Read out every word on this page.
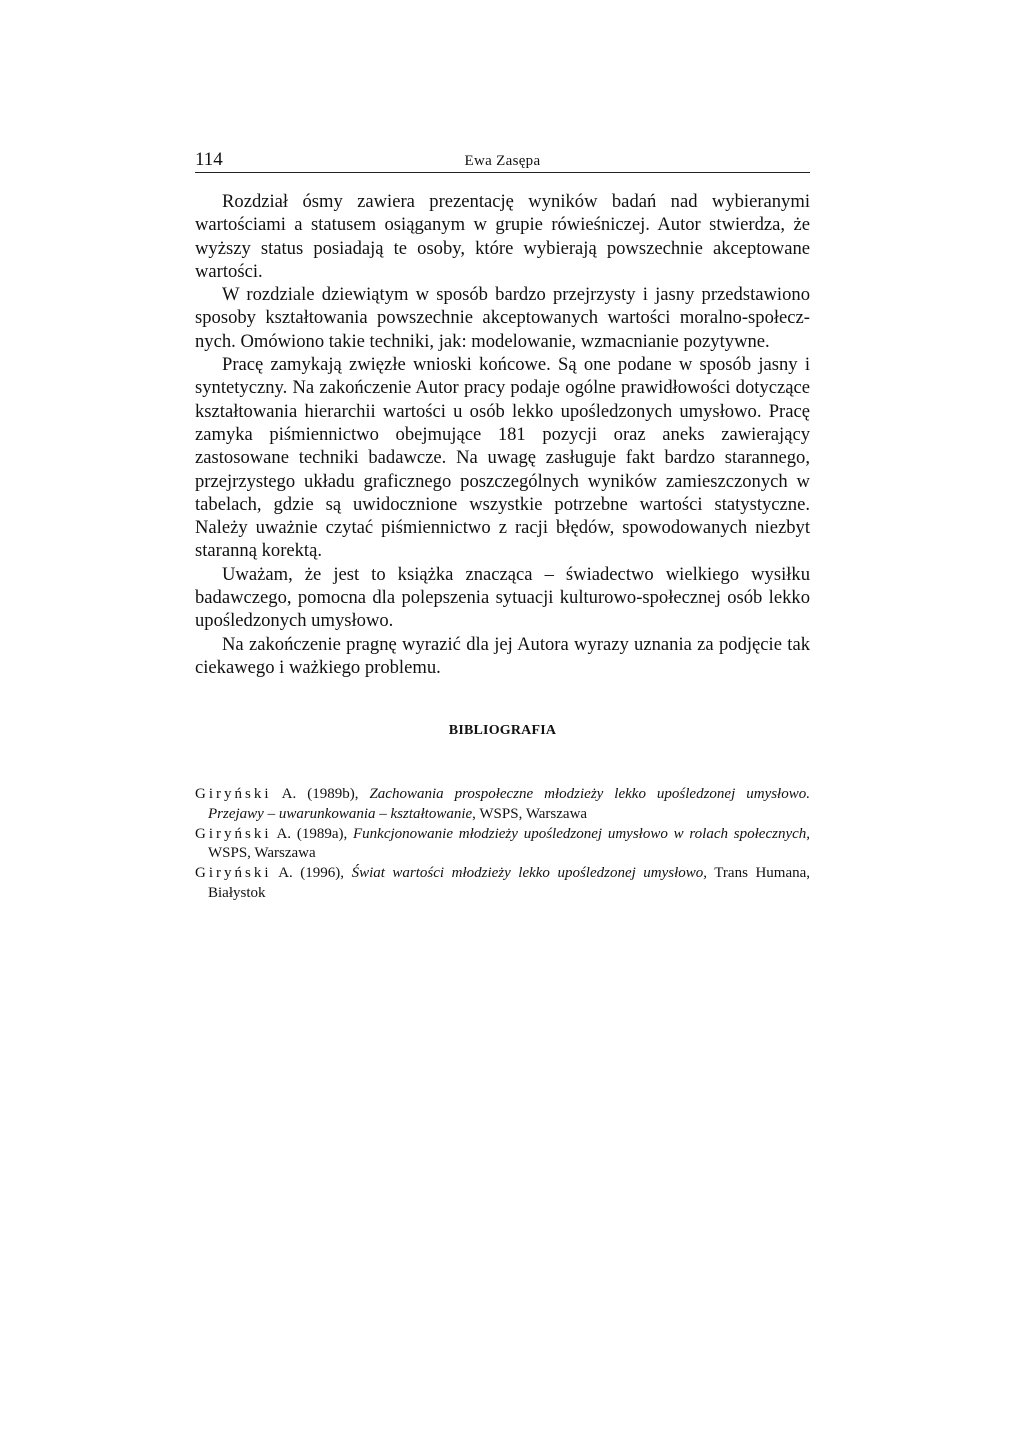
114	Ewa Zasępa

Rozdział ósmy zawiera prezentację wyników badań nad wybieranymi wartościami a statusem osiąganym w grupie rówieśniczej. Autor stwierdza, że wyższy status posiadają te osoby, które wybierają powszechnie akceptowane wartości.

W rozdziale dziewiątym w sposób bardzo przejrzysty i jasny przedstawiono sposoby kształtowania powszechnie akceptowanych wartości moralno-społecznych. Omówiono takie techniki, jak: modelowanie, wzmacnianie pozytywne.

Pracę zamykają zwięzłe wnioski końcowe. Są one podane w sposób jasny i syntetyczny. Na zakończenie Autor pracy podaje ogólne prawidłowości dotyczące kształtowania hierarchii wartości u osób lekko upośledzonych umysłowo. Pracę zamyka piśmiennictwo obejmujące 181 pozycji oraz aneks zawierający zastosowane techniki badawcze. Na uwagę zasługuje fakt bardzo starannego, przejrzystego układu graficznego poszczególnych wyników zamieszczonych w tabelach, gdzie są uwidocznione wszystkie potrzebne wartości statystyczne. Należy uważnie czytać piśmiennictwo z racji błędów, spowodowanych niezbyt staranną korektą.

Uważam, że jest to książka znacząca – świadectwo wielkiego wysiłku badawczego, pomocna dla polepszenia sytuacji kulturowo-społecznej osób lekko upośledzonych umysłowo.

Na zakończenie pragnę wyrazić dla jej Autora wyrazy uznania za podjęcie tak ciekawego i ważkiego problemu.

BIBLIOGRAFIA

Giryński A. (1989b), Zachowania prospołeczne młodzieży lekko upośledzonej umysłowo. Przejawy – uwarunkowania – kształtowanie, WSPS, Warszawa

Giryński A. (1989a), Funkcjonowanie młodzieży upośledzonej umysłowo w rolach społecznych, WSPS, Warszawa

Giryński A. (1996), Świat wartości młodzieży lekko upośledzonej umysłowo, Trans Humana, Białystok
